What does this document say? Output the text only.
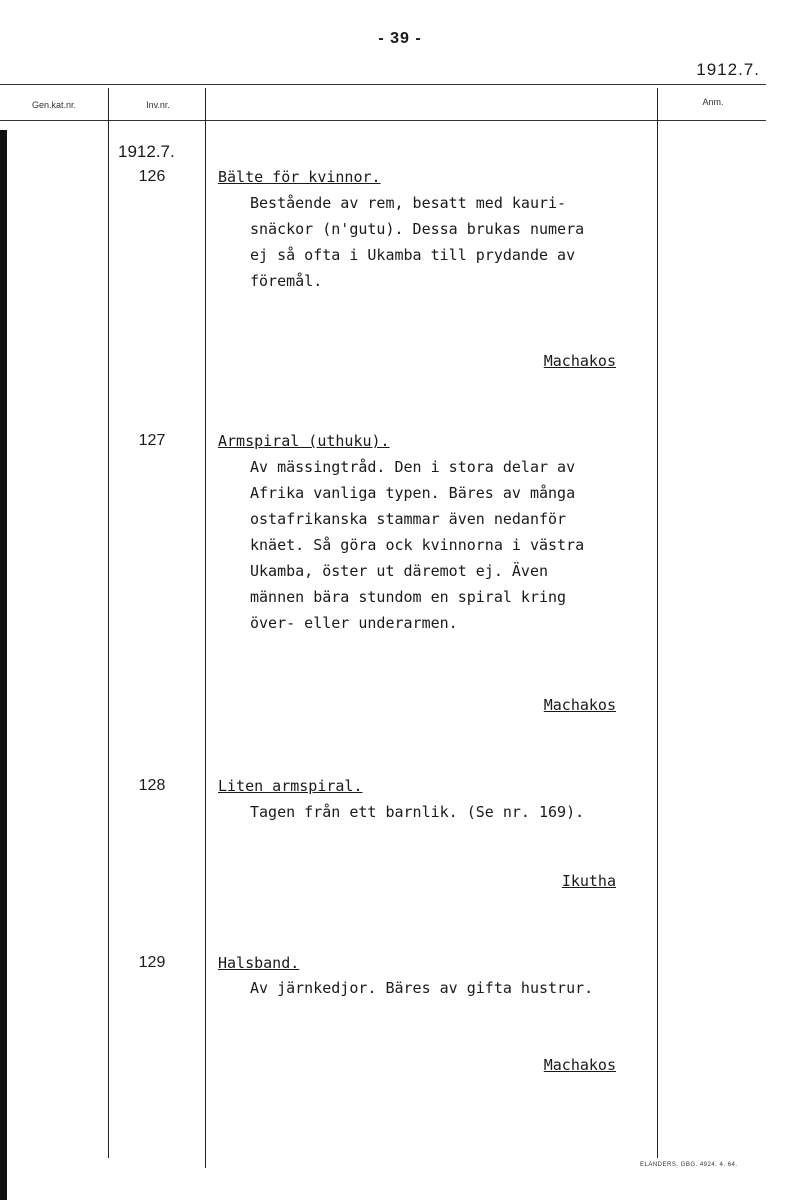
- 39 -
1912.7.
Gen.kat.nr.	Inv.nr.	Anm.
1912.7.
126	Bälte för kvinnor.
Bestående av rem, besatt med kauri-
snäckor (n'gutu). Dessa brukas numera
ej så ofta i Ukamba till prydande av
föremål.
Machakos
127	Armspiral (uthuku).
Av mässingtråd. Den i stora delar av
Afrika vanliga typen. Bäres av många
ostafrikanska stammar även nedanför
knäet. Så göra ock kvinnorna i västra
Ukamba, öster ut däremot ej. Även
männen bära stundom en spiral kring
över- eller underarmen.
Machakos
128	Liten armspiral.
Tagen från ett barnlik. (Se nr. 169).
Ikutha
129	Halsband.
Av järnkedjor. Bäres av gifta hustrur.
Machakos
ELANDERS. GBG. 4924. 4. 64.
